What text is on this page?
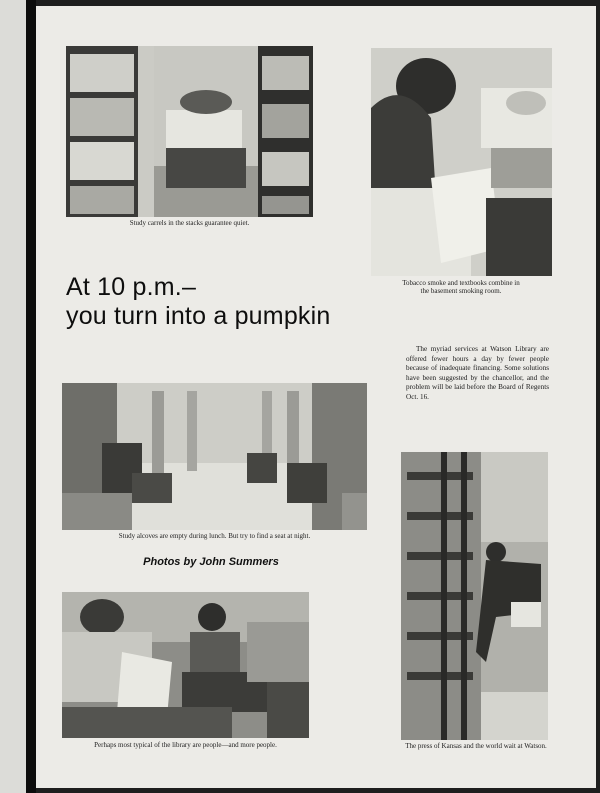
Study carrels in the stacks guarantee quiet.
Tobacco smoke and textbooks combine in the basement smoking room.
At 10 p.m.–
you turn into a pumpkin
The myriad services at Watson Library are offered fewer hours a day by fewer people because of inadequate financing. Some solutions have been suggested by the chancellor, and the problem will be laid before the Board of Regents Oct. 16.
Study alcoves are empty during lunch. But try to find a seat at night.
Photos by John Summers
Perhaps most typical of the library are people—and more people.	The press of Kansas and the world wait at Watson.
